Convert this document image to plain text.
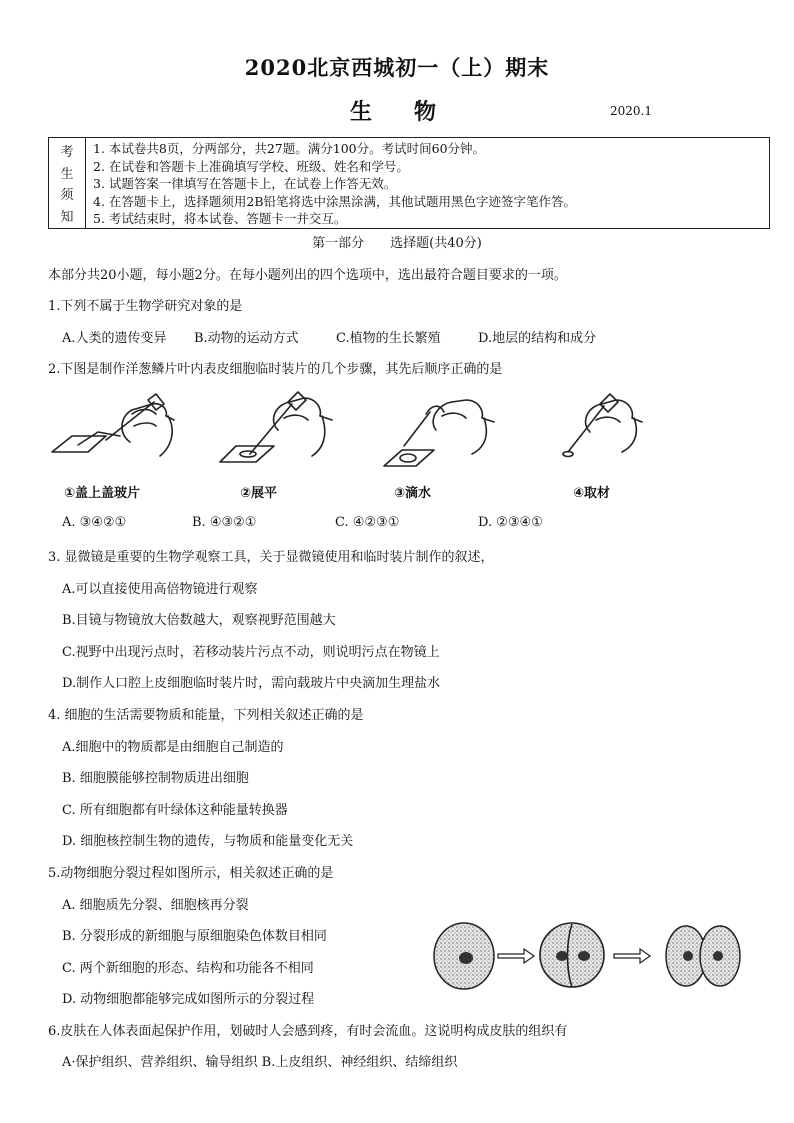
2020北京西城初一（上）期末
生物	2020.1
考
生
须
知
1. 本试卷共8页，分两部分，共27题。满分100分。考试时间60分钟。
2. 在试卷和答题卡上准确填写学校、班级、姓名和学号。
3. 试题答案一律填写在答题卡上，在试卷上作答无效。
4. 在答题卡上，选择题须用2B铅笔将选中涂黑涂满，其他试题用黑色字迹签字笔作答。
5. 考试结束时，将本试卷、答题卡一并交互。
第一部分　　选择题(共40分)
本部分共20小题，每小题2分。在每小题列出的四个选项中，选出最符合题目要求的一项。
1.下列不属于生物学研究对象的是
A.人类的遗传变异 B.动物的运动方式	C.植物的生长繁殖	D.地层的结构和成分
2.下图是制作洋葱鳞片叶内表皮细胞临时装片的几个步骤，其先后顺序正确的是
①盖上盖玻片	②展平	③滴水	④取材
A. ③④②①	B. ④③②①	C. ④②③①	D. ②③④①
3. 显微镜是重要的生物学观察工具，关于显微镜使用和临时装片制作的叙述，
A.可以直接使用高倍物镜进行观察
B.目镜与物镜放大倍数越大，观察视野范围越大
C.视野中出现污点时，若移动装片污点不动，则说明污点在物镜上
D.制作人口腔上皮细胞临时装片时，需向载玻片中央滴加生理盐水
4. 细胞的生活需要物质和能量，下列相关叙述正确的是
A.细胞中的物质都是由细胞自己制造的
B. 细胞膜能够控制物质进出细胞
C. 所有细胞都有叶绿体这种能量转换器
D. 细胞核控制生物的遗传，与物质和能量变化无关
5.动物细胞分裂过程如图所示，相关叙述正确的是
A. 细胞质先分裂、细胞核再分裂
B. 分裂形成的新细胞与原细胞染色体数目相同
C. 两个新细胞的形态、结构和功能各不相同
D. 动物细胞都能够完成如图所示的分裂过程
6.皮肤在人体表面起保护作用，划破时人会感到疼，有时会流血。这说明构成皮肤的组织有
A·保护组织、营养组织、输导组织 B.上皮组织、神经组织、结缔组织
